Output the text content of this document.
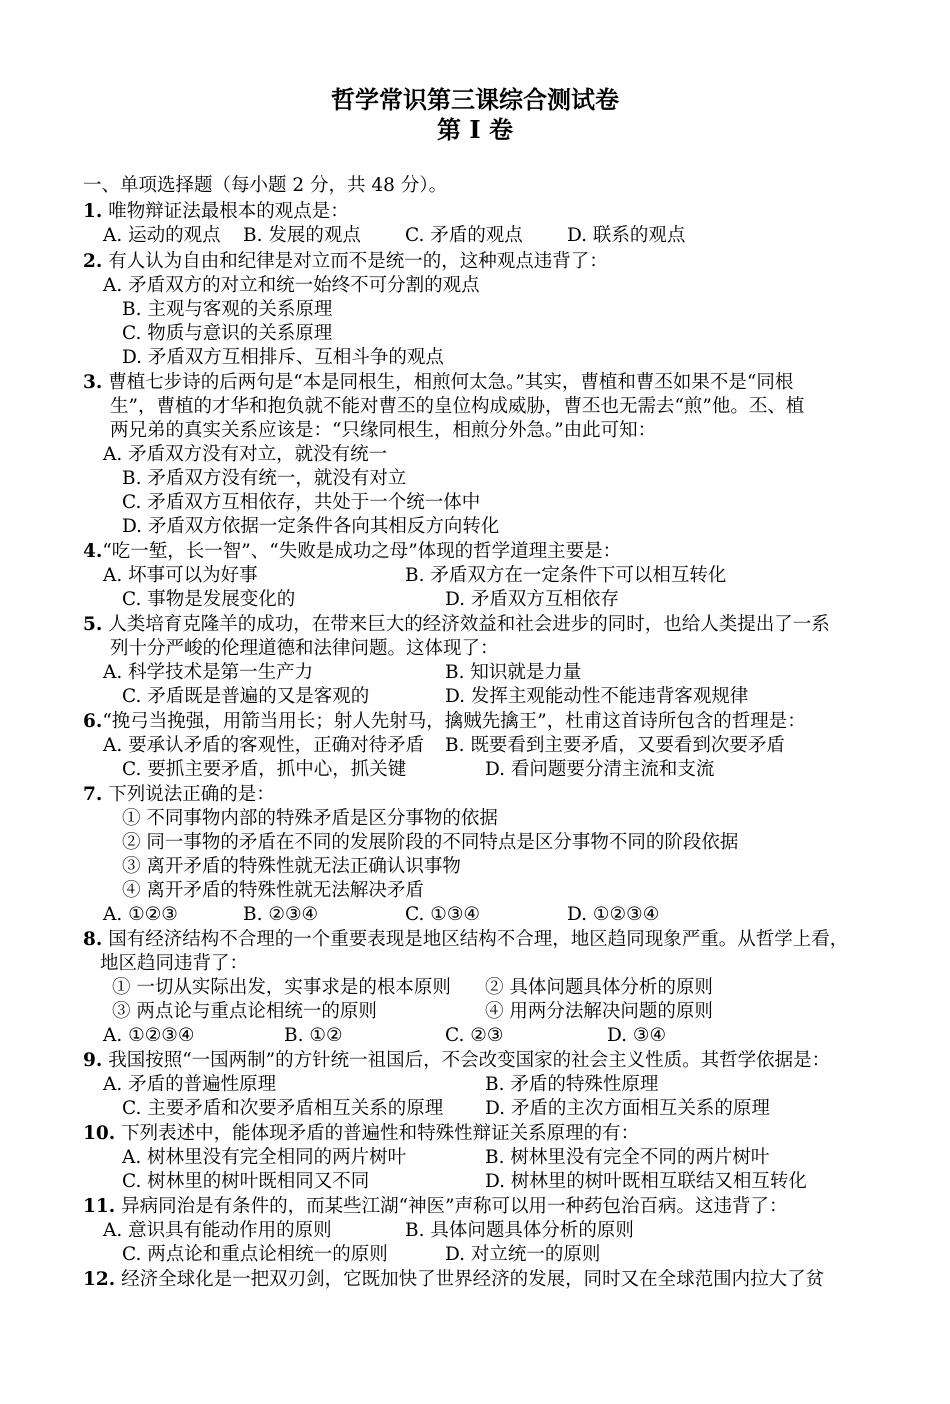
哲学常识第三课综合测试卷
第 I 卷
一、单项选择题（每小题 2 分，共 48 分）。
1. 唯物辩证法最根本的观点是：
A. 运动的观点 B. 发展的观点 C. 矛盾的观点 D. 联系的观点
2. 有人认为自由和纪律是对立而不是统一的，这种观点违背了：
A. 矛盾双方的对立和统一始终不可分割的观点
B. 主观与客观的关系原理
C. 物质与意识的关系原理
D. 矛盾双方互相排斥、互相斗争的观点
3. 曹植七步诗的后两句是“本是同根生，相煎何太急。”其实，曹植和曹丕如果不是“同根
生”，曹植的才华和抱负就不能对曹丕的皇位构成威胁，曹丕也无需去“煎”他。丕、植
两兄弟的真实关系应该是：“只缘同根生，相煎分外急。”由此可知：
A. 矛盾双方没有对立，就没有统一
B. 矛盾双方没有统一，就没有对立
C. 矛盾双方互相依存，共处于一个统一体中
D. 矛盾双方依据一定条件各向其相反方向转化
4.“吃一堑，长一智”、“失败是成功之母”体现的哲学道理主要是：
A. 坏事可以为好事	B. 矛盾双方在一定条件下可以相互转化
C. 事物是发展变化的	D. 矛盾双方互相依存
5. 人类培育克隆羊的成功，在带来巨大的经济效益和社会进步的同时，也给人类提出了一系
列十分严峻的伦理道德和法律问题。这体现了：
A. 科学技术是第一生产力	B. 知识就是力量
C. 矛盾既是普遍的又是客观的	D. 发挥主观能动性不能违背客观规律
6.“挽弓当挽强，用箭当用长；射人先射马，擒贼先擒王”，杜甫这首诗所包含的哲理是：
A. 要承认矛盾的客观性，正确对待矛盾 B. 既要看到主要矛盾，又要看到次要矛盾
C. 要抓主要矛盾，抓中心，抓关键	D. 看问题要分清主流和支流
7. 下列说法正确的是：
① 不同事物内部的特殊矛盾是区分事物的依据
② 同一事物的矛盾在不同的发展阶段的不同特点是区分事物不同的阶段依据
③ 离开矛盾的特殊性就无法正确认识事物
④ 离开矛盾的特殊性就无法解决矛盾
A. ①②③	B. ②③④	C. ①③④	D. ①②③④
8. 国有经济结构不合理的一个重要表现是地区结构不合理，地区趋同现象严重。从哲学上看，
地区趋同违背了：
① 一切从实际出发，实事求是的根本原则 ② 具体问题具体分析的原则
③ 两点论与重点论相统一的原则	④ 用两分法解决问题的原则
A. ①②③④	B. ①②	C. ②③	D. ③④
9. 我国按照“一国两制”的方针统一祖国后，不会改变国家的社会主义性质。其哲学依据是：
A. 矛盾的普遍性原理	B. 矛盾的特殊性原理
C. 主要矛盾和次要矛盾相互关系的原理 D. 矛盾的主次方面相互关系的原理
10. 下列表述中，能体现矛盾的普遍性和特殊性辩证关系原理的有：
A. 树林里没有完全相同的两片树叶	B. 树林里没有完全不同的两片树叶
C. 树林里的树叶既相同又不同	D. 树林里的树叶既相互联结又相互转化
11. 异病同治是有条件的，而某些江湖“神医”声称可以用一种药包治百病。这违背了：
A. 意识具有能动作用的原则	B. 具体问题具体分析的原则
C. 两点论和重点论相统一的原则	D. 对立统一的原则
12. 经济全球化是一把双刃剑，它既加快了世界经济的发展，同时又在全球范围内拉大了贫
